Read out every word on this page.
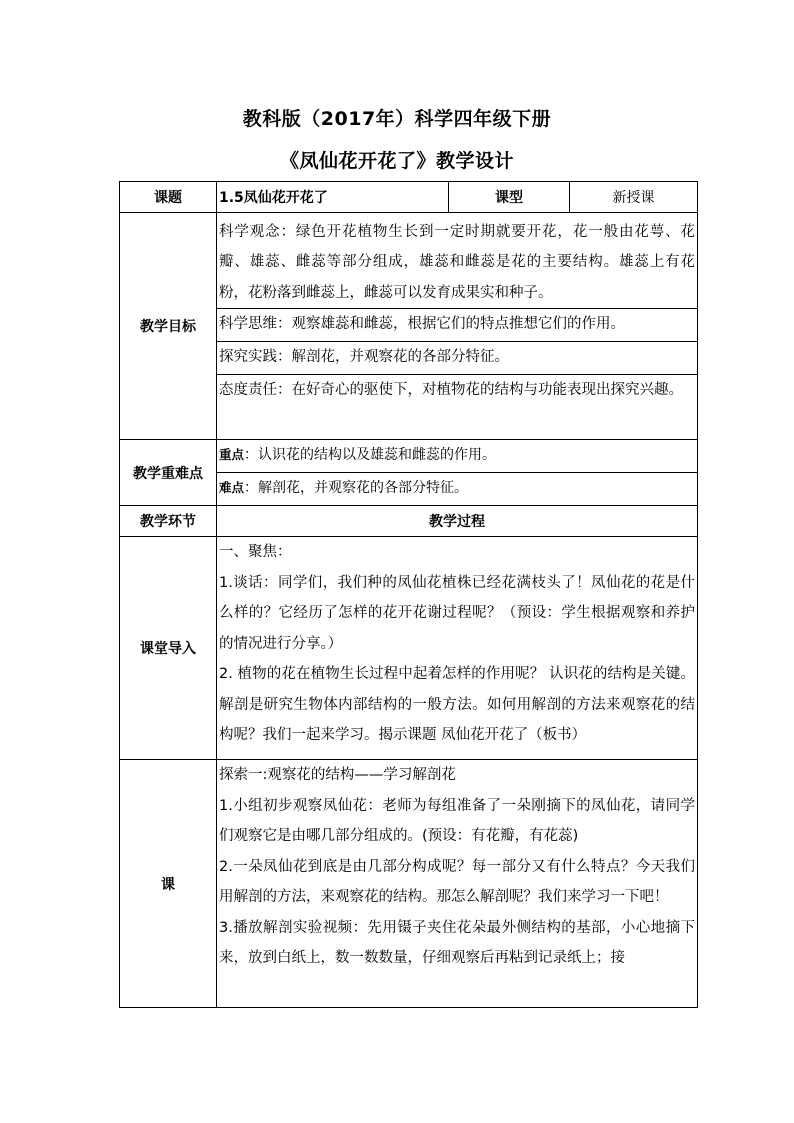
教科版（2017年）科学四年级下册
《凤仙花开花了》教学设计
课题	1.5凤仙花开花了	课型	新授课
教学目标	科学观念：绿色开花植物生长到一定时期就要开花，花一般由花萼、花瓣、雄蕊、雌蕊等部分组成，雄蕊和雌蕊是花的主要结构。雄蕊上有花粉，花粉落到雌蕊上，雌蕊可以发育成果实和种子。
科学思维：观察雄蕊和雌蕊，根据它们的特点推想它们的作用。
探究实践：解剖花，并观察花的各部分特征。
态度责任：在好奇心的驱使下，对植物花的结构与功能表现出探究兴趣。		

教学重难点	重点：认识花的结构以及雄蕊和雌蕊的作用。
难点：解剖花，并观察花的各部分特征。		

教学环节	教学过程		
课堂导入	一、聚焦：
1.谈话：同学们，我们种的凤仙花植株已经花满枝头了！凤仙花的花是什么样的？它经历了怎样的花开花谢过程呢？（预设：学生根据观察和养护的情况进行分享。）
2. 植物的花在植物生长过程中起着怎样的作用呢？ 认识花的结构是关键。解剖是研究生物体内部结构的一般方法。如何用解剖的方法来观察花的结构呢？我们一起来学习。揭示课题 凤仙花开花了（板书）		

课	探索一:观察花的结构——学习解剖花
1.小组初步观察凤仙花：老师为每组准备了一朵刚摘下的凤仙花，请同学们观察它是由哪几部分组成的。(预设：有花瓣，有花蕊)
2.一朵凤仙花到底是由几部分构成呢？每一部分又有什么特点？今天我们用解剖的方法，来观察花的结构。那怎么解剖呢？我们来学习一下吧！
3.播放解剖实验视频：先用镊子夹住花朵最外侧结构的基部，小心地摘下来，放到白纸上，数一数数量，仔细观察后再粘到记录纸上；接		
